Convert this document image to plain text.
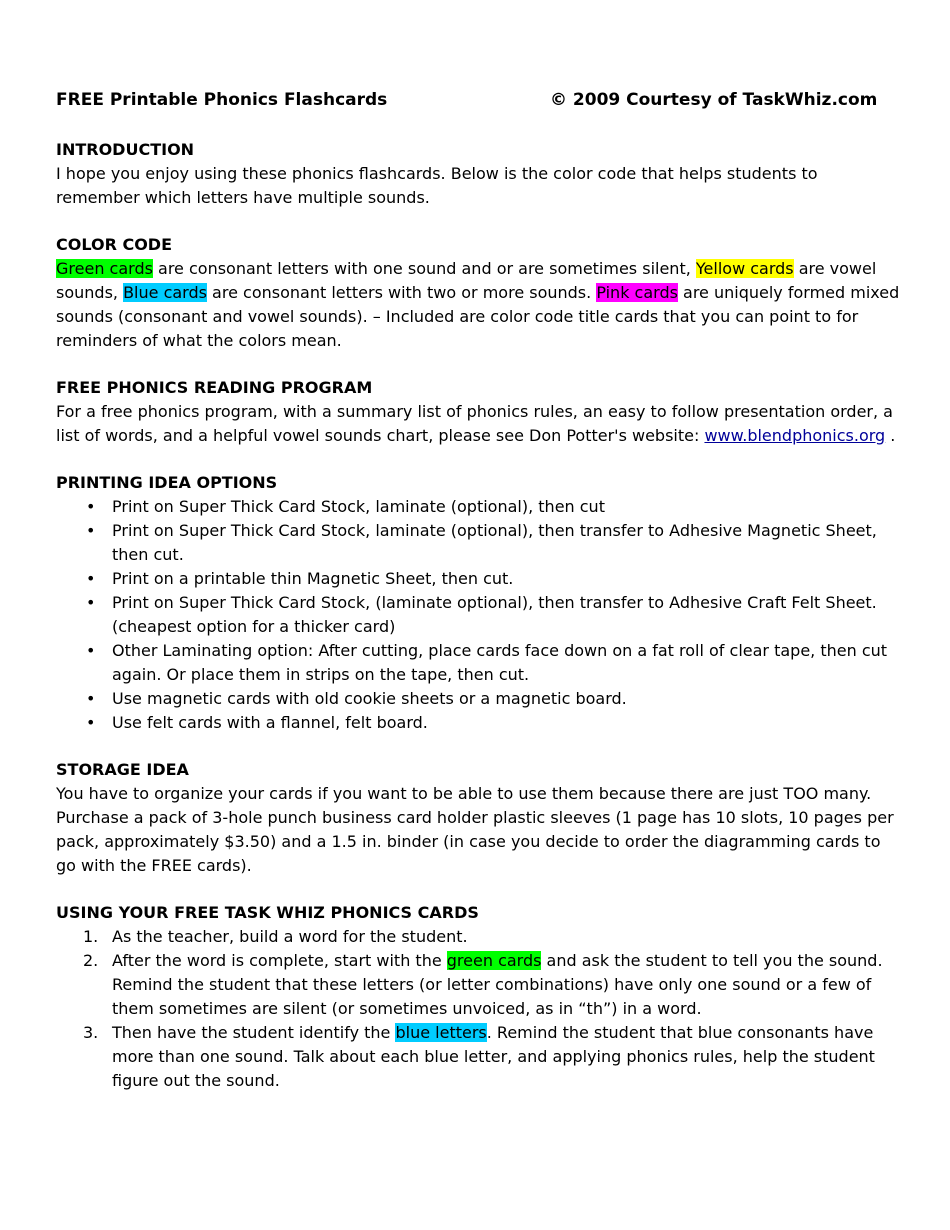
FREE Printable Phonics Flashcards	© 2009 Courtesy of TaskWhiz.com
INTRODUCTION

I hope you enjoy using these phonics flashcards. Below is the color code that helps students to remember which letters have multiple sounds.

COLOR CODE

Green cards are consonant letters with one sound and or are sometimes silent, Yellow cards are vowel sounds, Blue cards are consonant letters with two or more sounds. Pink cards are uniquely formed mixed sounds (consonant and vowel sounds). – Included are color code title cards that you can point to for reminders of what the colors mean.

FREE PHONICS READING PROGRAM

For a free phonics program, with a summary list of phonics rules, an easy to follow presentation order, a list of words, and a helpful vowel sounds chart, please see Don Potter's website: www.blendphonics.org .

PRINTING IDEA OPTIONS
• Print on Super Thick Card Stock, laminate (optional), then cut
• Print on Super Thick Card Stock, laminate (optional), then transfer to Adhesive Magnetic Sheet, then cut.
• Print on a printable thin Magnetic Sheet, then cut.
• Print on Super Thick Card Stock, (laminate optional), then transfer to Adhesive Craft Felt Sheet. (cheapest option for a thicker card)
• Other Laminating option: After cutting, place cards face down on a fat roll of clear tape, then cut again. Or place them in strips on the tape, then cut.
• Use magnetic cards with old cookie sheets or a magnetic board.
• Use felt cards with a flannel, felt board.
STORAGE IDEA

You have to organize your cards if you want to be able to use them because there are just TOO many. Purchase a pack of 3-hole punch business card holder plastic sleeves (1 page has 10 slots, 10 pages per pack, approximately $3.50) and a 1.5 in. binder (in case you decide to order the diagramming cards to go with the FREE cards).

USING YOUR FREE TASK WHIZ PHONICS CARDS
1. As the teacher, build a word for the student.
2. After the word is complete, start with the green cards and ask the student to tell you the sound. Remind the student that these letters (or letter combinations) have only one sound or a few of them sometimes are silent (or sometimes unvoiced, as in “th”) in a word.
3. Then have the student identify the blue letters. Remind the student that blue consonants have more than one sound. Talk about each blue letter, and applying phonics rules, help the student figure out the sound.
